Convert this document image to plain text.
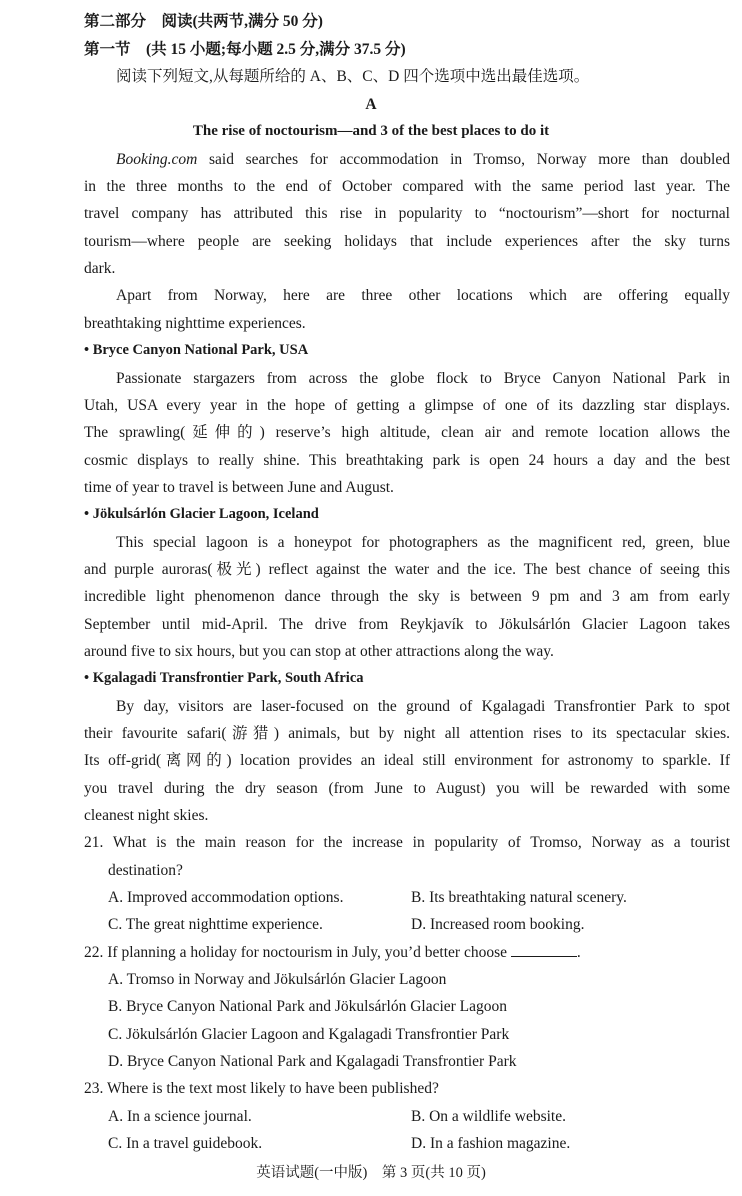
第二部分　阅读(共两节,满分 50 分)
第一节　(共 15 小题;每小题 2.5 分,满分 37.5 分)
阅读下列短文,从每题所给的 A、B、C、D 四个选项中选出最佳选项。
A
The rise of noctourism—and 3 of the best places to do it
Booking.com said searches for accommodation in Tromso, Norway more than doubled
in the three months to the end of October compared with the same period last year. The
travel company has attributed this rise in popularity to “noctourism”—short for nocturnal
tourism—where people are seeking holidays that include experiences after the sky turns
dark.
Apart from Norway, here are three other locations which are offering equally
breathtaking nighttime experiences.
• Bryce Canyon National Park, USA
Passionate stargazers from across the globe flock to Bryce Canyon National Park in
Utah, USA every year in the hope of getting a glimpse of one of its dazzling star displays.
The sprawling(延伸的) reserve’s high altitude, clean air and remote location allows the
cosmic displays to really shine. This breathtaking park is open 24 hours a day and the best
time of year to travel is between June and August.
• Jökulsárlón Glacier Lagoon, Iceland
This special lagoon is a honeypot for photographers as the magnificent red, green, blue
and purple auroras(极光) reflect against the water and the ice. The best chance of seeing this
incredible light phenomenon dance through the sky is between 9 pm and 3 am from early
September until mid-April. The drive from Reykjavík to Jökulsárlón Glacier Lagoon takes
around five to six hours, but you can stop at other attractions along the way.
• Kgalagadi Transfrontier Park, South Africa
By day, visitors are laser-focused on the ground of Kgalagadi Transfrontier Park to spot
their favourite safari(游猎) animals, but by night all attention rises to its spectacular skies.
Its off-grid(离网的) location provides an ideal still environment for astronomy to sparkle. If
you travel during the dry season (from June to August) you will be rewarded with some
cleanest night skies.
21. What is the main reason for the increase in popularity of Tromso, Norway as a tourist
destination?
A. Improved accommodation options.	B. Its breathtaking natural scenery.
C. The great nighttime experience.	D. Increased room booking.
22. If planning a holiday for noctourism in July, you’d better choose	.
A. Tromso in Norway and Jökulsárlón Glacier Lagoon
B. Bryce Canyon National Park and Jökulsárlón Glacier Lagoon
C. Jökulsárlón Glacier Lagoon and Kgalagadi Transfrontier Park
D. Bryce Canyon National Park and Kgalagadi Transfrontier Park
23. Where is the text most likely to have been published?
A. In a science journal.	B. On a wildlife website.
C. In a travel guidebook.	D. In a fashion magazine.
英语试题(一中版)　第 3 页(共 10 页)
